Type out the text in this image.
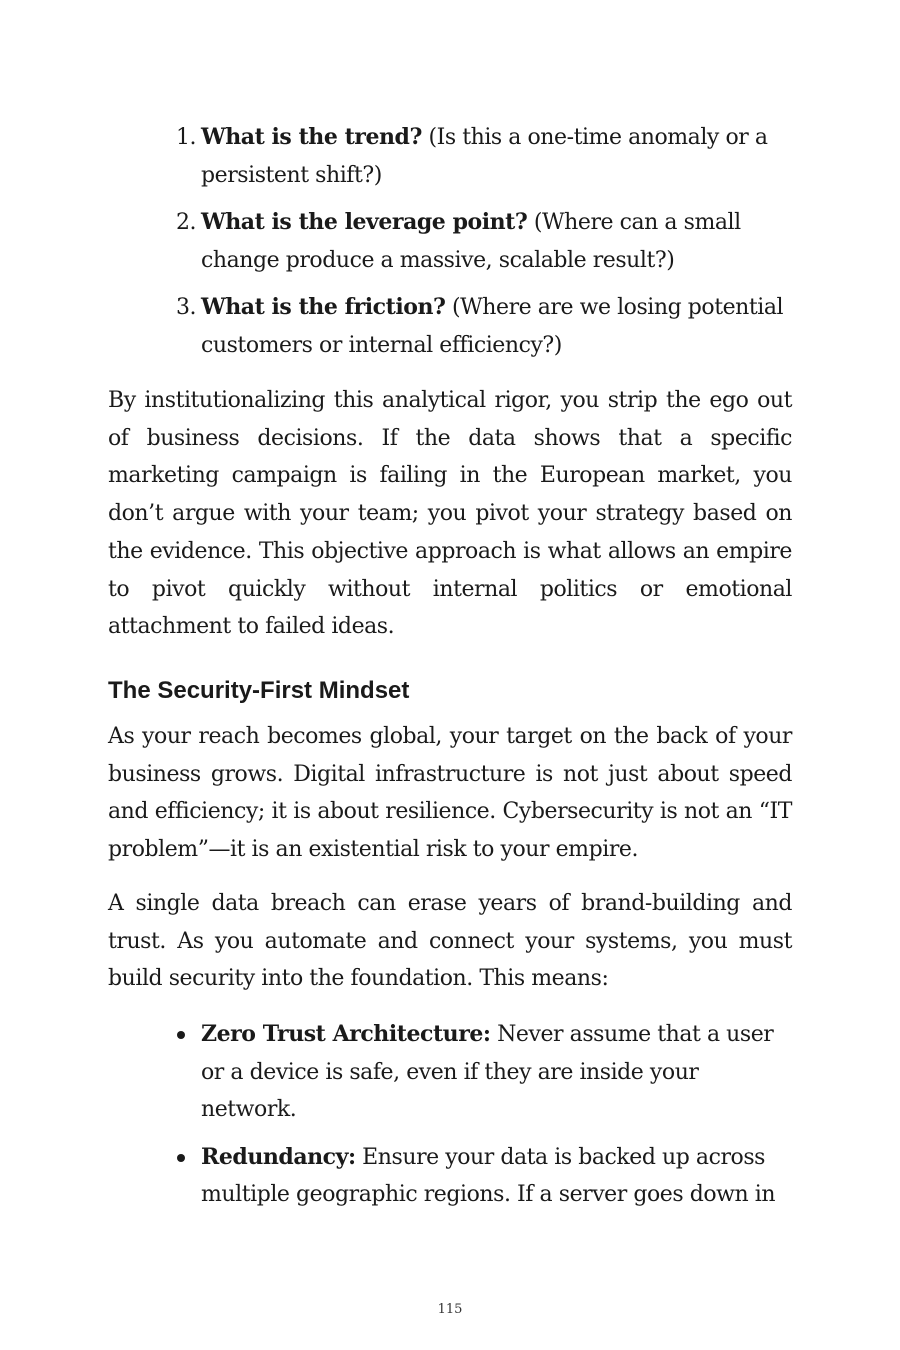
1. What is the trend? (Is this a one-time anomaly or a persistent shift?)
2. What is the leverage point? (Where can a small change produce a massive, scalable result?)
3. What is the friction? (Where are we losing potential customers or internal efficiency?)

By institutionalizing this analytical rigor, you strip the ego out of business decisions. If the data shows that a specific marketing campaign is failing in the European market, you don’t argue with your team; you pivot your strategy based on the evidence. This objective approach is what allows an empire to pivot quickly without internal politics or emotional attachment to failed ideas.

The Security-First Mindset

As your reach becomes global, your target on the back of your business grows. Digital infrastructure is not just about speed and efficiency; it is about resilience. Cybersecurity is not an “IT problem”—it is an existential risk to your empire.

A single data breach can erase years of brand-building and trust. As you automate and connect your systems, you must build security into the foundation. This means:

Zero Trust Architecture: Never assume that a user or a device is safe, even if they are inside your network.
Redundancy: Ensure your data is backed up across multiple geographic regions. If a server goes down in
115
